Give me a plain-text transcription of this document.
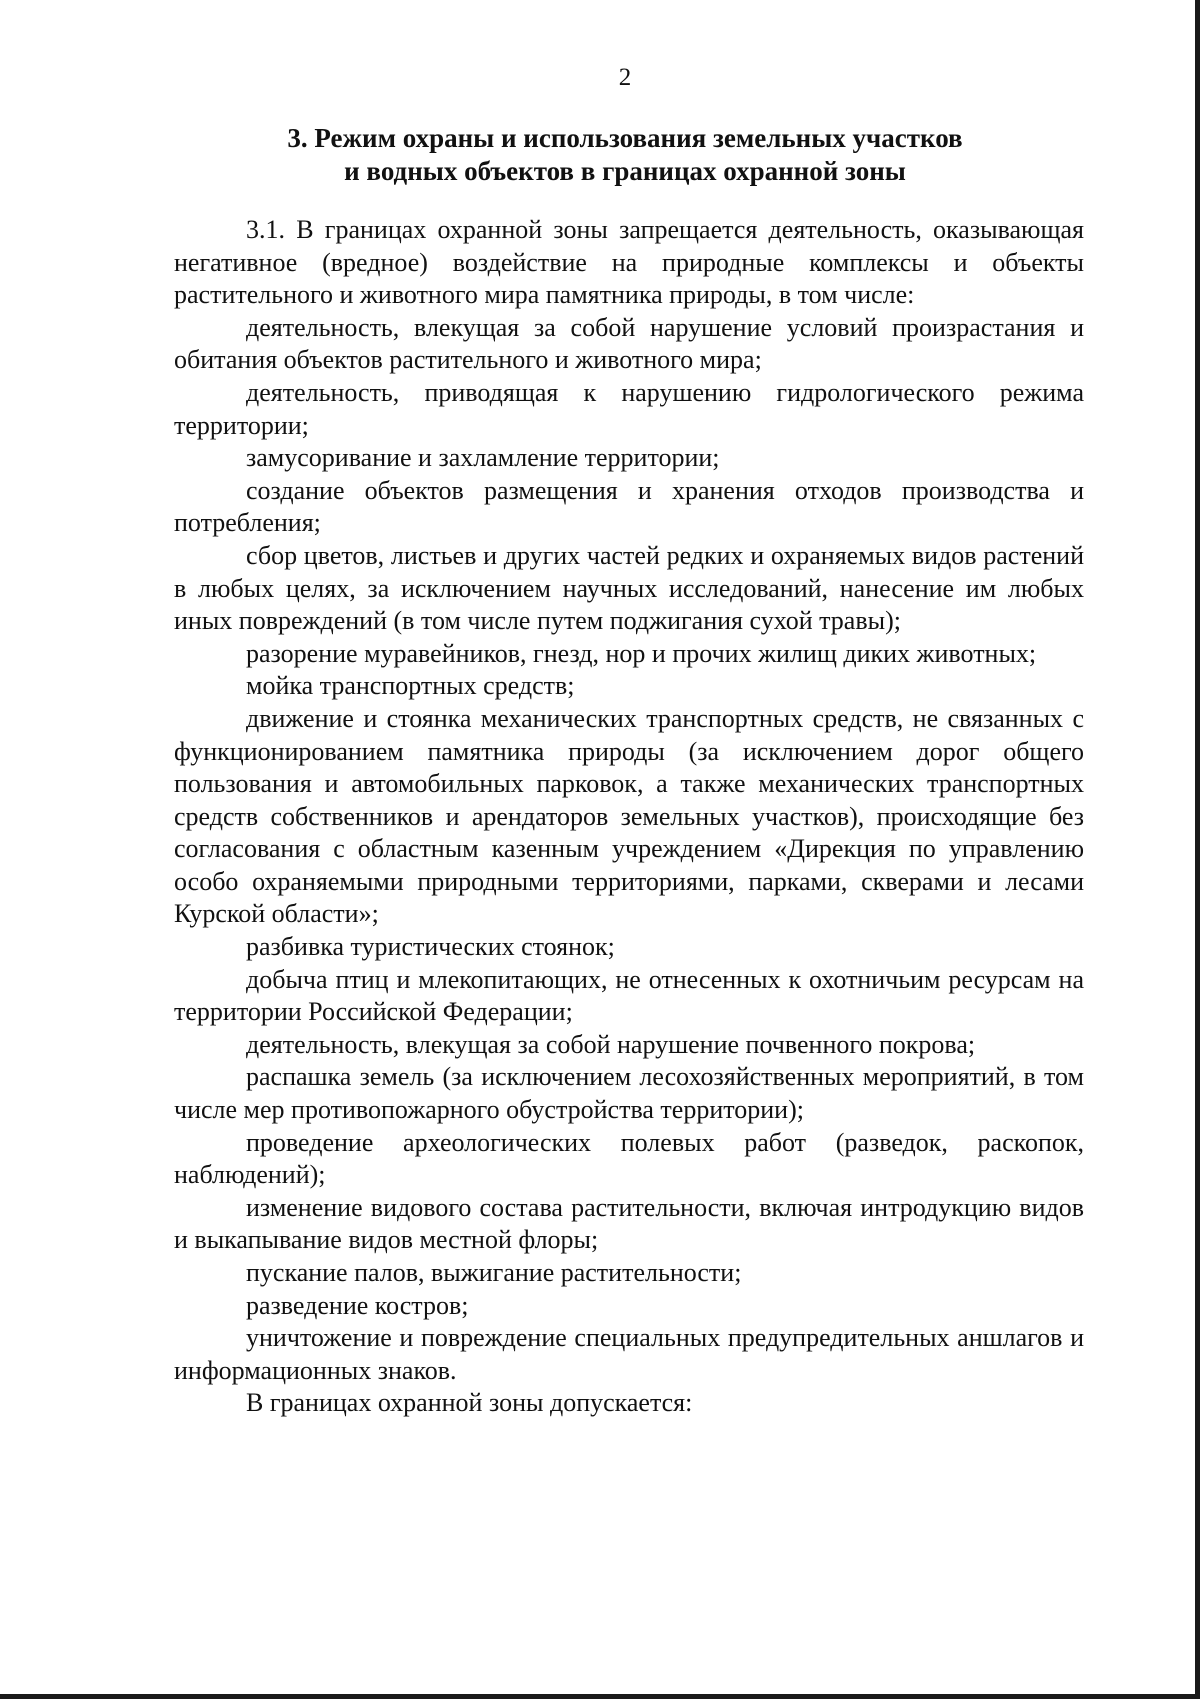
2
3. Режим охраны и использования земельных участков
и водных объектов в границах охранной зоны

3.1. В границах охранной зоны запрещается деятельность, оказывающая негативное (вредное) воздействие на природные комплексы и объекты растительного и животного мира памятника природы, в том числе:

деятельность, влекущая за собой нарушение условий произрастания и обитания объектов растительного и животного мира;

деятельность, приводящая к нарушению гидрологического режима территории;

замусоривание и захламление территории;

создание объектов размещения и хранения отходов производства и потребления;

сбор цветов, листьев и других частей редких и охраняемых видов растений в любых целях, за исключением научных исследований, нанесение им любых иных повреждений (в том числе путем поджигания сухой травы);

разорение муравейников, гнезд, нор и прочих жилищ диких животных;

мойка транспортных средств;

движение и стоянка механических транспортных средств, не связанных с функционированием памятника природы (за исключением дорог общего пользования и автомобильных парковок, а также механических транспортных средств собственников и арендаторов земельных участков), происходящие без согласования с областным казенным учреждением «Дирекция по управлению особо охраняемыми природными территориями, парками, скверами и лесами Курской области»;

разбивка туристических стоянок;

добыча птиц и млекопитающих, не отнесенных к охотничьим ресурсам на территории Российской Федерации;

деятельность, влекущая за собой нарушение почвенного покрова;

распашка земель (за исключением лесохозяйственных мероприятий, в том числе мер противопожарного обустройства территории);

проведение археологических полевых работ (разведок, раскопок, наблюдений);

изменение видового состава растительности, включая интродукцию видов и выкапывание видов местной флоры;

пускание палов, выжигание растительности;

разведение костров;

уничтожение и повреждение специальных предупредительных аншлагов и информационных знаков.

В границах охранной зоны допускается:
